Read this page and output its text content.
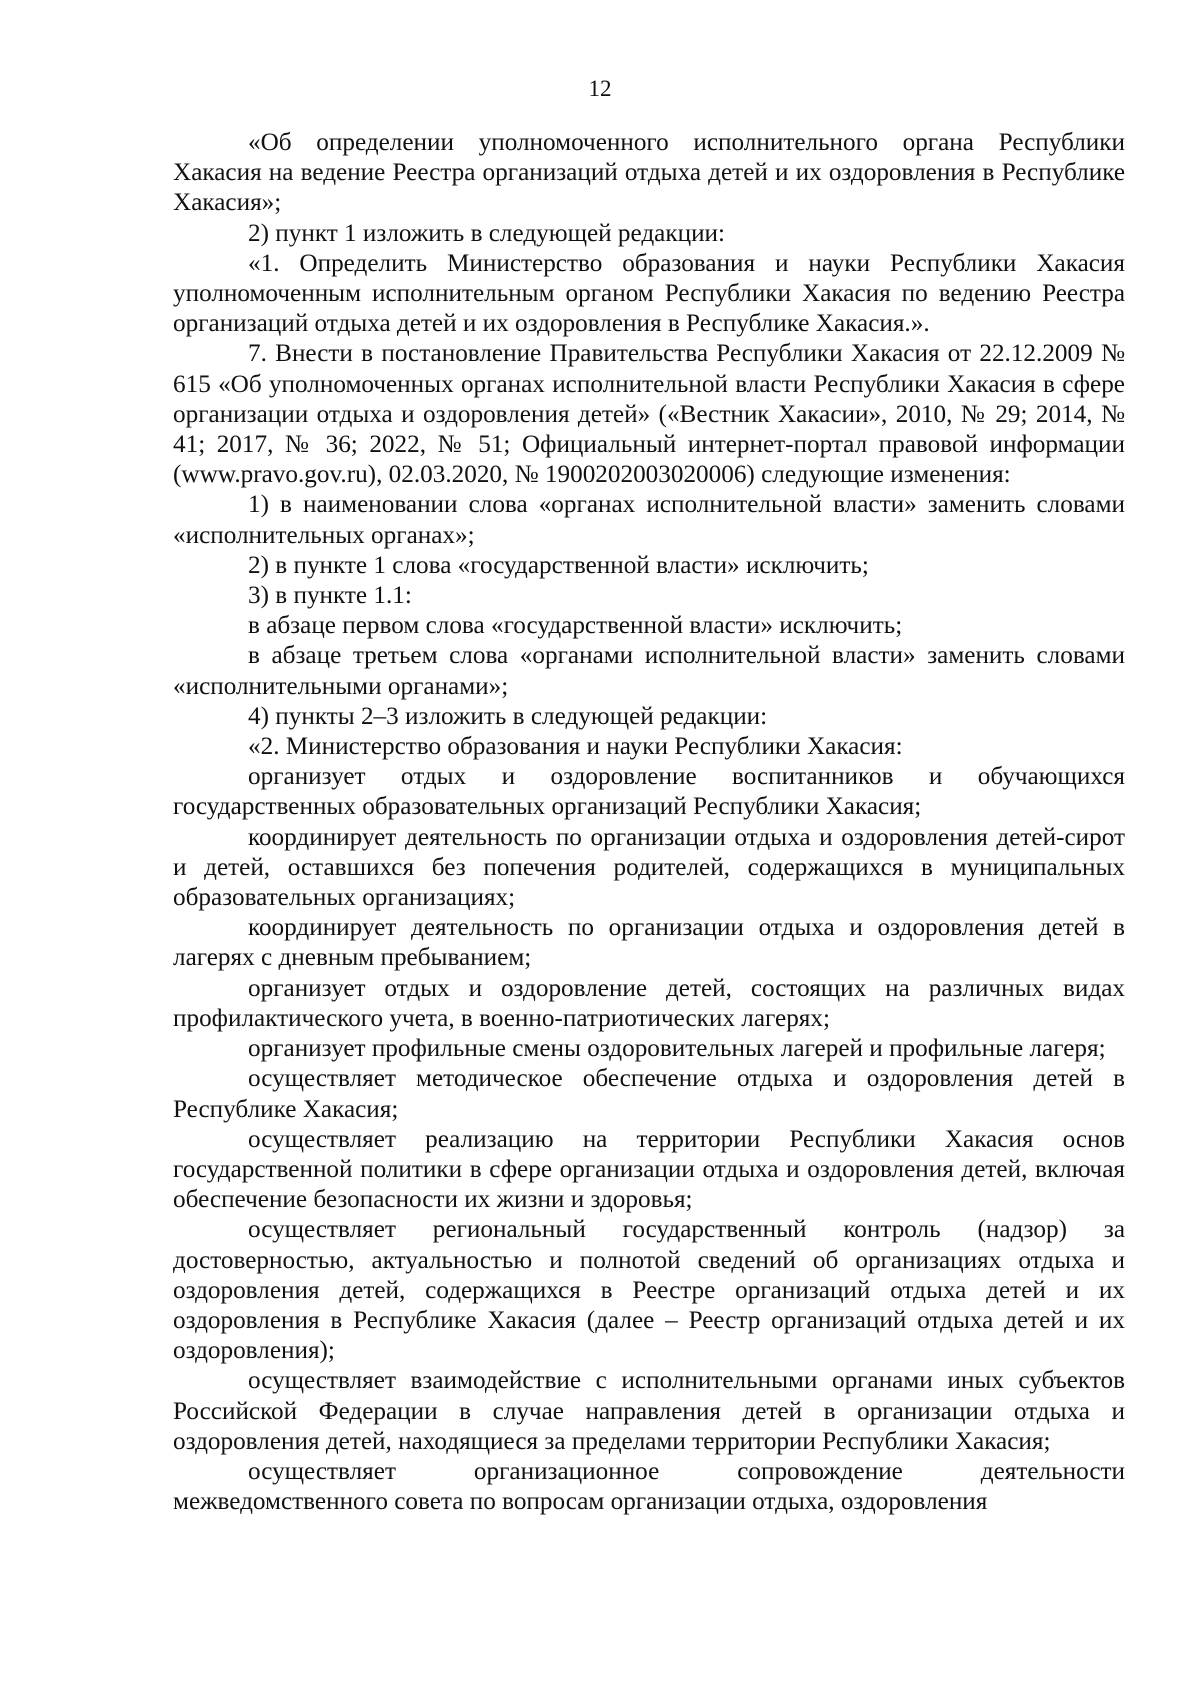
12

«Об определении уполномоченного исполнительного органа Республики Хакасия на ведение Реестра организаций отдыха детей и их оздоровления в Республике Хакасия»;

2) пункт 1 изложить в следующей редакции:

«1. Определить Министерство образования и науки Республики Хакасия уполномоченным исполнительным органом Республики Хакасия по ведению Реестра организаций отдыха детей и их оздоровления в Республике Хакасия.».

7. Внести в постановление Правительства Республики Хакасия от 22.12.2009 № 615 «Об уполномоченных органах исполнительной власти Республики Хакасия в сфере организации отдыха и оздоровления детей» («Вестник Хакасии», 2010, № 29; 2014, № 41; 2017, № 36; 2022, № 51; Официальный интернет-портал правовой информации (www.pravo.gov.ru), 02.03.2020, № 1900202003020006) следующие изменения:

1) в наименовании слова «органах исполнительной власти» заменить словами «исполнительных органах»;

2) в пункте 1 слова «государственной власти» исключить;

3) в пункте 1.1:

в абзаце первом слова «государственной власти» исключить;

в абзаце третьем слова «органами исполнительной власти» заменить словами «исполнительными органами»;

4) пункты 2–3 изложить в следующей редакции:

«2. Министерство образования и науки Республики Хакасия:

организует отдых и оздоровление воспитанников и обучающихся государственных образовательных организаций Республики Хакасия;

координирует деятельность по организации отдыха и оздоровления детей-сирот и детей, оставшихся без попечения родителей, содержащихся в муниципальных образовательных организациях;

координирует деятельность по организации отдыха и оздоровления детей в лагерях с дневным пребыванием;

организует отдых и оздоровление детей, состоящих на различных видах профилактического учета, в военно-патриотических лагерях;

организует профильные смены оздоровительных лагерей и профильные лагеря;

осуществляет методическое обеспечение отдыха и оздоровления детей в Республике Хакасия;

осуществляет реализацию на территории Республики Хакасия основ государственной политики в сфере организации отдыха и оздоровления детей, включая обеспечение безопасности их жизни и здоровья;

осуществляет региональный государственный контроль (надзор) за достоверностью, актуальностью и полнотой сведений об организациях отдыха и оздоровления детей, содержащихся в Реестре организаций отдыха детей и их оздоровления в Республике Хакасия (далее – Реестр организаций отдыха детей и их оздоровления);

осуществляет взаимодействие с исполнительными органами иных субъектов Российской Федерации в случае направления детей в организации отдыха и оздоровления детей, находящиеся за пределами территории Республики Хакасия;

осуществляет организационное сопровождение деятельности межведомственного совета по вопросам организации отдыха, оздоровления
